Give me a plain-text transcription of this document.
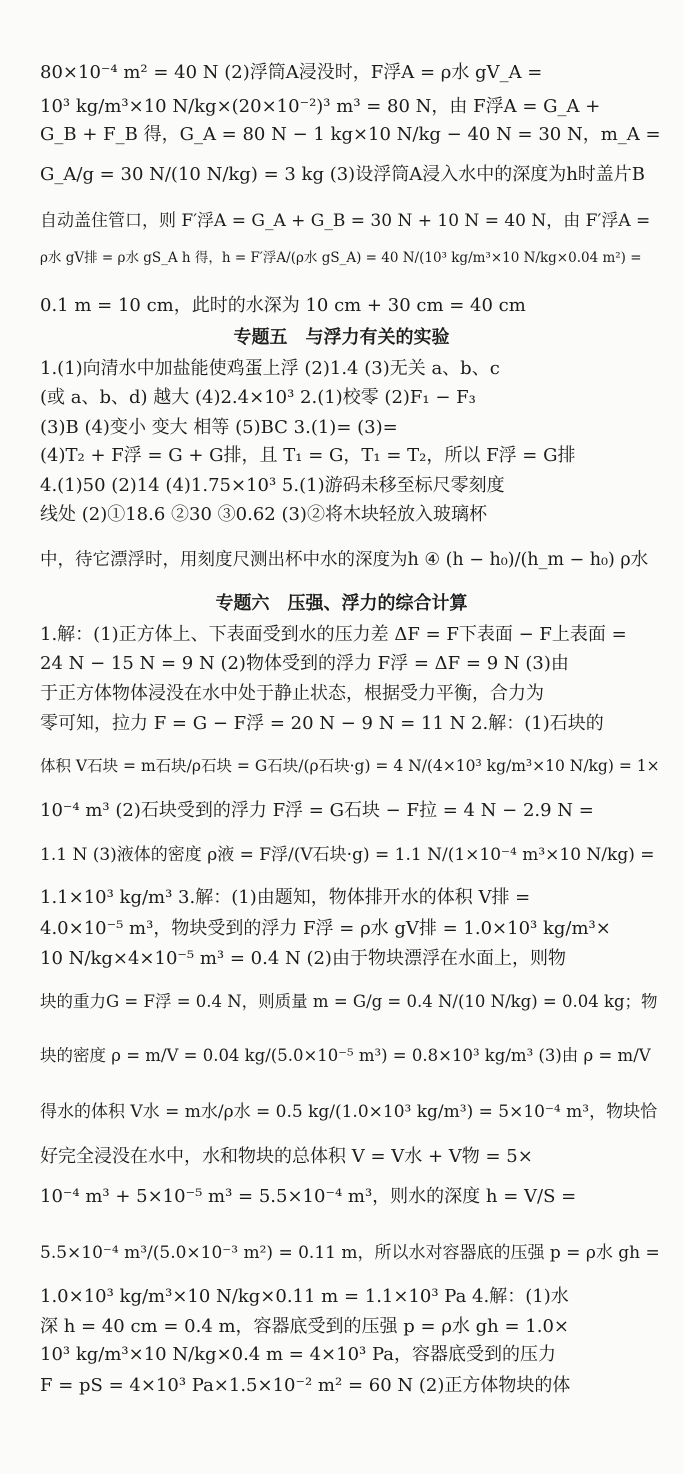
80×10⁻⁴ m² = 40 N (2)浮筒A浸没时，F浮A = ρ水 gV_A =
10³ kg/m³×10 N/kg×(20×10⁻²)³ m³ = 80 N，由 F浮A = G_A +
G_B + F_B 得，G_A = 80 N − 1 kg×10 N/kg − 40 N = 30 N，m_A =
G_A/g = 30 N/(10 N/kg) = 3 kg (3)设浮筒A浸入水中的深度为h时盖片B
自动盖住管口，则 F′浮A = G_A + G_B = 30 N + 10 N = 40 N，由 F′浮A =
ρ水 gV排 = ρ水 gS_A h 得，h = F′浮A/(ρ水 gS_A) = 40 N/(10³ kg/m³×10 N/kg×0.04 m²) =
0.1 m = 10 cm，此时的水深为 10 cm + 30 cm = 40 cm
专题五　与浮力有关的实验
1.(1)向清水中加盐能使鸡蛋上浮 (2)1.4 (3)无关 a、b、c
(或 a、b、d) 越大 (4)2.4×10³ 2.(1)校零 (2)F₁ − F₃
(3)B (4)变小 变大 相等 (5)BC 3.(1)= (3)=
(4)T₂ + F浮 = G + G排，且 T₁ = G，T₁ = T₂，所以 F浮 = G排
4.(1)50 (2)14 (4)1.75×10³ 5.(1)游码未移至标尺零刻度
线处 (2)①18.6 ②30 ③0.62 (3)②将木块轻放入玻璃杯
中，待它漂浮时，用刻度尺测出杯中水的深度为h ④ (h − h₀)/(h_m − h₀) ρ水
专题六　压强、浮力的综合计算
1.解：(1)正方体上、下表面受到水的压力差 ΔF = F下表面 − F上表面 =
24 N − 15 N = 9 N (2)物体受到的浮力 F浮 = ΔF = 9 N (3)由
于正方体物体浸没在水中处于静止状态，根据受力平衡，合力为
零可知，拉力 F = G − F浮 = 20 N − 9 N = 11 N 2.解：(1)石块的
体积 V石块 = m石块/ρ石块 = G石块/(ρ石块·g) = 4 N/(4×10³ kg/m³×10 N/kg) = 1×
10⁻⁴ m³ (2)石块受到的浮力 F浮 = G石块 − F拉 = 4 N − 2.9 N =
1.1 N (3)液体的密度 ρ液 = F浮/(V石块·g) = 1.1 N/(1×10⁻⁴ m³×10 N/kg) =
1.1×10³ kg/m³ 3.解：(1)由题知，物体排开水的体积 V排 =
4.0×10⁻⁵ m³，物块受到的浮力 F浮 = ρ水 gV排 = 1.0×10³ kg/m³×
10 N/kg×4×10⁻⁵ m³ = 0.4 N (2)由于物块漂浮在水面上，则物
块的重力G = F浮 = 0.4 N，则质量 m = G/g = 0.4 N/(10 N/kg) = 0.04 kg；物
块的密度 ρ = m/V = 0.04 kg/(5.0×10⁻⁵ m³) = 0.8×10³ kg/m³ (3)由 ρ = m/V
得水的体积 V水 = m水/ρ水 = 0.5 kg/(1.0×10³ kg/m³) = 5×10⁻⁴ m³，物块恰
好完全浸没在水中，水和物块的总体积 V = V水 + V物 = 5×
10⁻⁴ m³ + 5×10⁻⁵ m³ = 5.5×10⁻⁴ m³，则水的深度 h = V/S =
5.5×10⁻⁴ m³/(5.0×10⁻³ m²) = 0.11 m，所以水对容器底的压强 p = ρ水 gh =
1.0×10³ kg/m³×10 N/kg×0.11 m = 1.1×10³ Pa 4.解：(1)水
深 h = 40 cm = 0.4 m，容器底受到的压强 p = ρ水 gh = 1.0×
10³ kg/m³×10 N/kg×0.4 m = 4×10³ Pa，容器底受到的压力
F = pS = 4×10³ Pa×1.5×10⁻² m² = 60 N (2)正方体物块的体
